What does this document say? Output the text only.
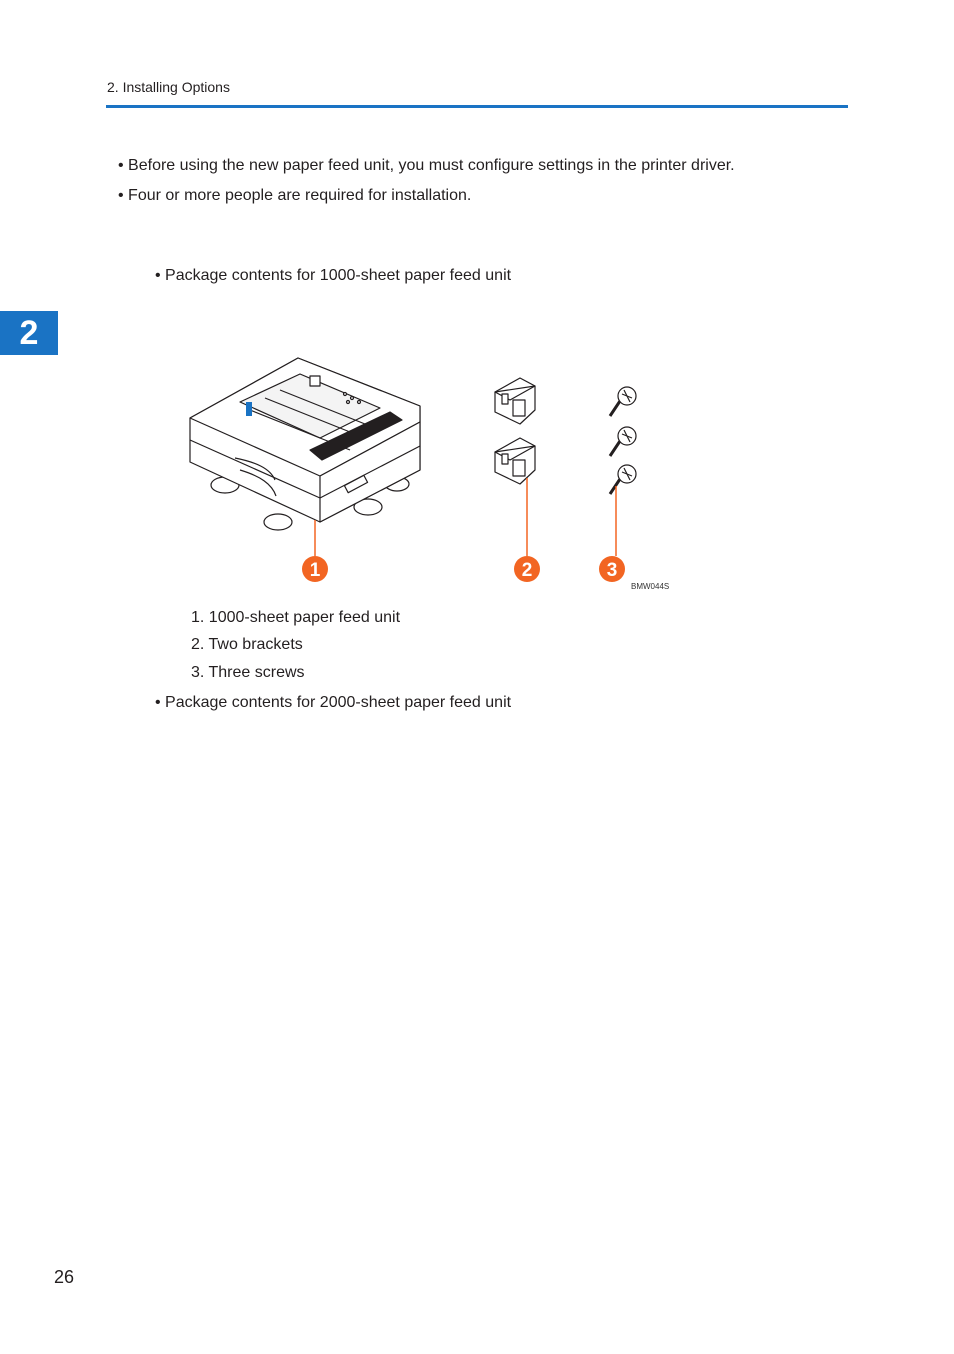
2. Installing Options
2
• Before using the new paper feed unit, you must configure settings in the printer driver.
• Four or more people are required for installation.
• Package contents for 1000-sheet paper feed unit
1	2	3
BMW044S
1. 1000-sheet paper feed unit
2. Two brackets
3. Three screws
• Package contents for 2000-sheet paper feed unit
26
